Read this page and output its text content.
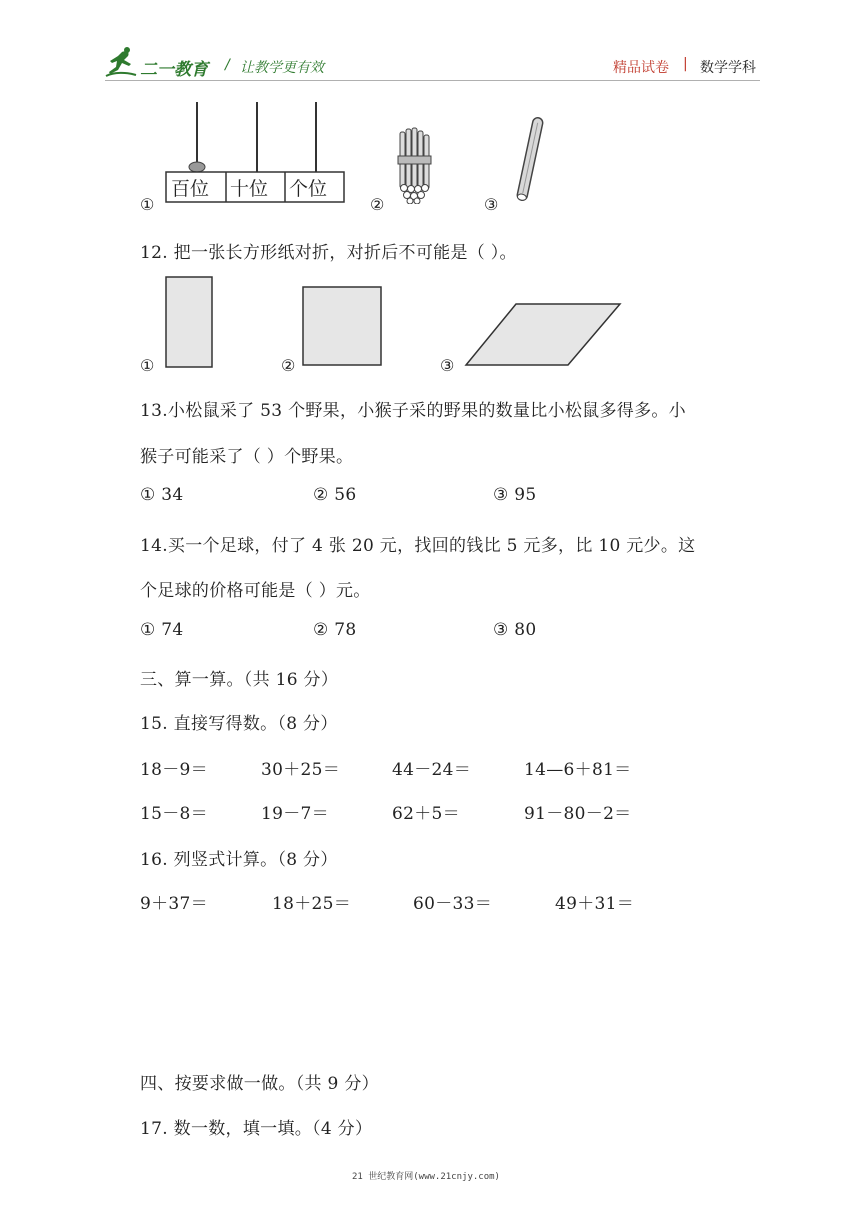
二一教育 / 让教学更有效	精品试卷 | 数学学科
①
百位 十位 个位
②	③
12. 把一张长方形纸对折，对折后不可能是（ ）。
①	②	③
13.小松鼠采了 53 个野果，小猴子采的野果的数量比小松鼠多得多。小
猴子可能采了（ ）个野果。
① 34	② 56	③ 95
14.买一个足球，付了 4 张 20 元，找回的钱比 5 元多，比 10 元少。这
个足球的价格可能是（ ）元。
① 74	② 78	③ 80
三、算一算。（共 16 分）
15. 直接写得数。（8 分）
18－9＝	30＋25＝	44－24＝	14—6＋81＝
15－8＝	19－7＝	62＋5＝	91－80－2＝
16. 列竖式计算。（8 分）
9＋37＝	18＋25＝	60－33＝	49＋31＝
四、按要求做一做。（共 9 分）
17. 数一数，填一填。（4 分）
21 世纪教育网(www.21cnjy.com)
